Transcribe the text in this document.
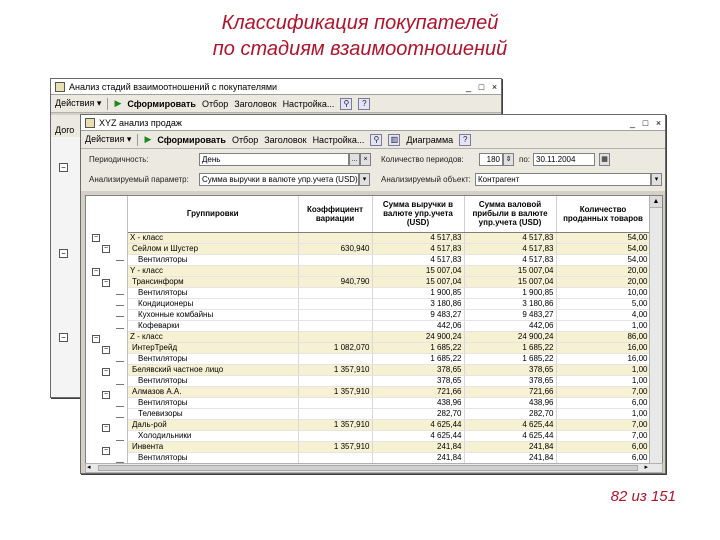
Классификация покупателей
по стадиям взаимоотношений
82 из 151
Анализ стадий взаимоотношений с покупателями	_ □ ×
Действия ▾ ▶ Сформировать Отбор Заголовок Настройка...	⚲	?
Дого
−
−
−
XYZ анализ продаж	_ □ ×
Действия ▾ ▶ Сформировать Отбор Заголовок Настройка...	⚲	▥ Диаграмма	?
Периодичность:	День	… ×	Количество периодов:	180 ⇕ по: 30.11.2004	▦
Анализируемый параметр:	Сумма выручки в валюте упр.учета (USD) ▾	Анализируемый объект: Контрагент	▾
−
−
−
−
−
−
−
−
−
−
Группировки	Коэффициент вариации	Сумма выручки в валюте упр.учета (USD)	Сумма валовой прибыли в валюте упр.учета (USD)	Количество проданных товаров
X - класс		4 517,83	4 517,83	54,00
Сейлом и Шустер	630,940	4 517,83	4 517,83	54,00
Вентиляторы		4 517,83	4 517,83	54,00
Y - класс		15 007,04	15 007,04	20,00
Трансинформ	940,790	15 007,04	15 007,04	20,00
Вентиляторы		1 900,85	1 900,85	10,00
Кондиционеры		3 180,86	3 180,86	5,00
Кухонные комбайны		9 483,27	9 483,27	4,00
Кофеварки		442,06	442,06	1,00
Z - класс		24 900,24	24 900,24	86,00
ИнтерТрейд	1 082,070	1 685,22	1 685,22	16,00
Вентиляторы		1 685,22	1 685,22	16,00
Белявский частное лицо	1 357,910	378,65	378,65	1,00
Вентиляторы		378,65	378,65	1,00
Алмазов А.А.	1 357,910	721,66	721,66	7,00
Вентиляторы		438,96	438,96	6,00
Телевизоры		282,70	282,70	1,00
Даль-рой	1 357,910	4 625,44	4 625,44	7,00
Холодильники		4 625,44	4 625,44	7,00
Инвента	1 357,910	241,84	241,84	6,00
Вентиляторы		241,84	241,84	6,00
▲
◂	▸
